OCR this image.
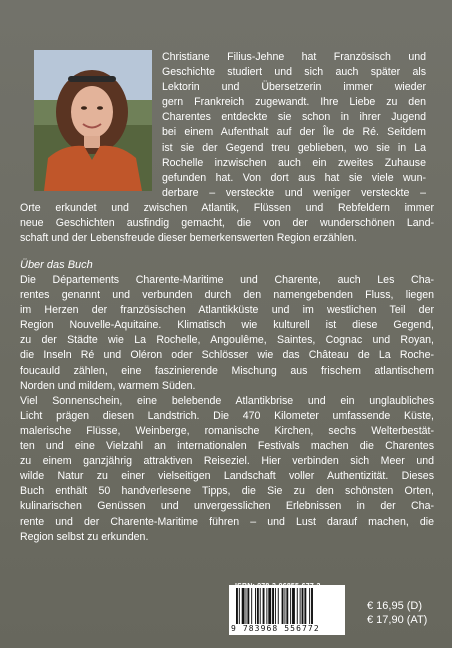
Christiane Filius-Jehne hat Französisch und
Geschichte studiert und sich auch später als
Lektorin und Übersetzerin immer wieder
gern Frankreich zugewandt. Ihre Liebe zu den
Charentes entdeckte sie schon in ihrer Jugend
bei einem Aufenthalt auf der Île de Ré. Seitdem
ist sie der Gegend treu geblieben, wo sie in La
Rochelle inzwischen auch ein zweites Zuhause
gefunden hat. Von dort aus hat sie viele wun-
derbare – versteckte und weniger versteckte –
Orte erkundet und zwischen Atlantik, Flüssen und Rebfeldern immer
neue Geschichten ausfindig gemacht, die von der wunderschönen Land-
schaft und der Lebensfreude dieser bemerkenswerten Region erzählen.
Über das Buch
Die Départements Charente-Maritime und Charente, auch Les Cha-
rentes genannt und verbunden durch den namengebenden Fluss, liegen
im Herzen der französischen Atlantikküste und im westlichen Teil der
Region Nouvelle-Aquitaine. Klimatisch wie kulturell ist diese Gegend,
zu der Städte wie La Rochelle, Angoulême, Saintes, Cognac und Royan,
die Inseln Ré und Oléron oder Schlösser wie das Château de La Roche-
foucauld zählen, eine faszinierende Mischung aus frischem atlantischem
Norden und mildem, warmem Süden.
Viel Sonnenschein, eine belebende Atlantikbrise und ein unglaubliches
Licht prägen diesen Landstrich. Die 470 Kilometer umfassende Küste,
malerische Flüsse, Weinberge, romanische Kirchen, sechs Welterbestät-
ten und eine Vielzahl an internationalen Festivals machen die Charentes
zu einem ganzjährig attraktiven Reiseziel. Hier verbinden sich Meer und
wilde Natur zu einer vielseitigen Landschaft voller Authentizität. Dieses
Buch enthält 50 handverlesene Tipps, die Sie zu den schönsten Orten,
kulinarischen Genüssen und unvergesslichen Erlebnissen in der Cha-
rente und der Charente-Maritime führen – und Lust darauf machen, die
Region selbst zu erkunden.
9 783968 556772
€ 16,95 (D)
€ 17,90 (AT)
